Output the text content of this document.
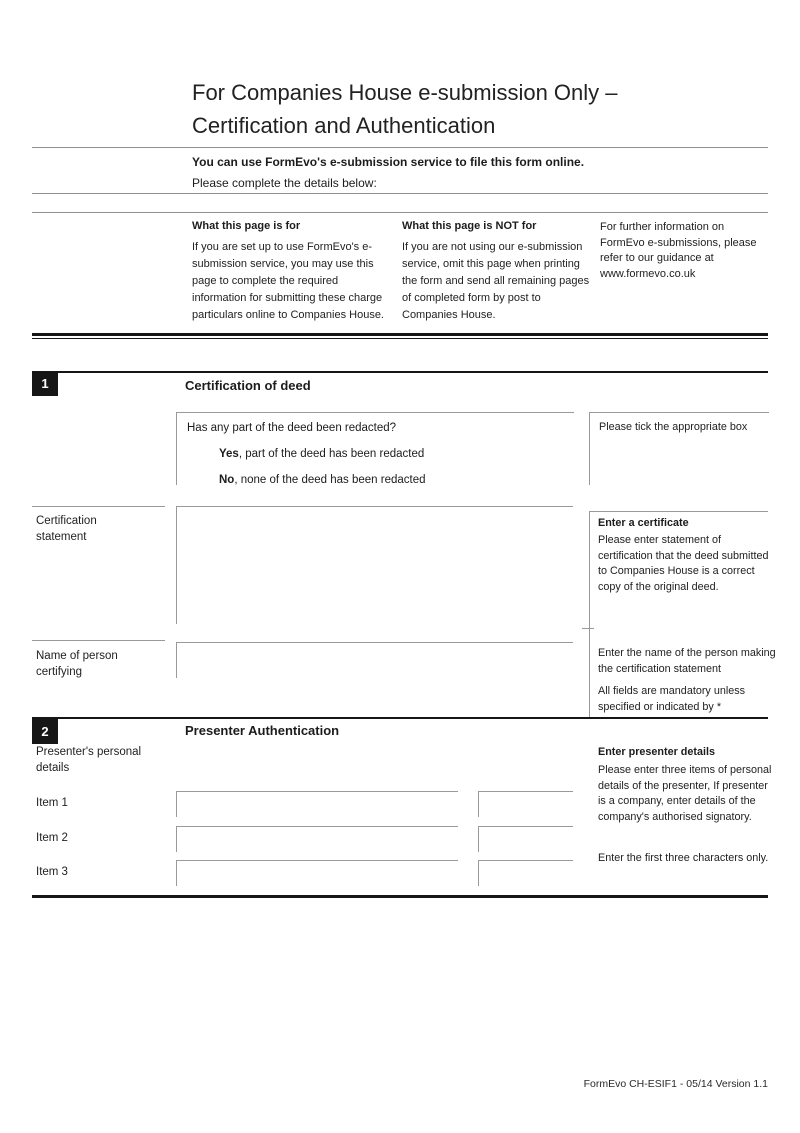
For Companies House e-submission Only –
Certification and Authentication
You can use FormEvo's e-submission service to file this form online.
Please complete the details below:
What this page is for
If you are set up to use FormEvo's e-submission service, you may use this page to complete the required information for submitting these charge particulars online to Companies House.
What this page is NOT for
If you are not using our e-submission service, omit this page when printing the form and send all remaining pages of completed form by post to Companies House.
For further information on FormEvo e-submissions, please refer to our guidance at www.formevo.co.uk
1	Certification of deed
Has any part of the deed been redacted?
Yes, part of the deed has been redacted
No, none of the deed has been redacted
Please tick the appropriate box
Certification statement
Enter a certificate
Please enter statement of certification that the deed submitted to Companies House is a correct copy of the original deed.
Name of person certifying
Enter the name of the person making the certification statement
All fields are mandatory unless specified or indicated by *
2	Presenter Authentication
Presenter's personal details
Item 1
Item 2
Item 3
Enter presenter details
Please enter three items of personal details of the presenter, If presenter is a company, enter details of the company's authorised signatory.
Enter the first three characters only.
FormEvo CH-ESIF1 - 05/14 Version 1.1
